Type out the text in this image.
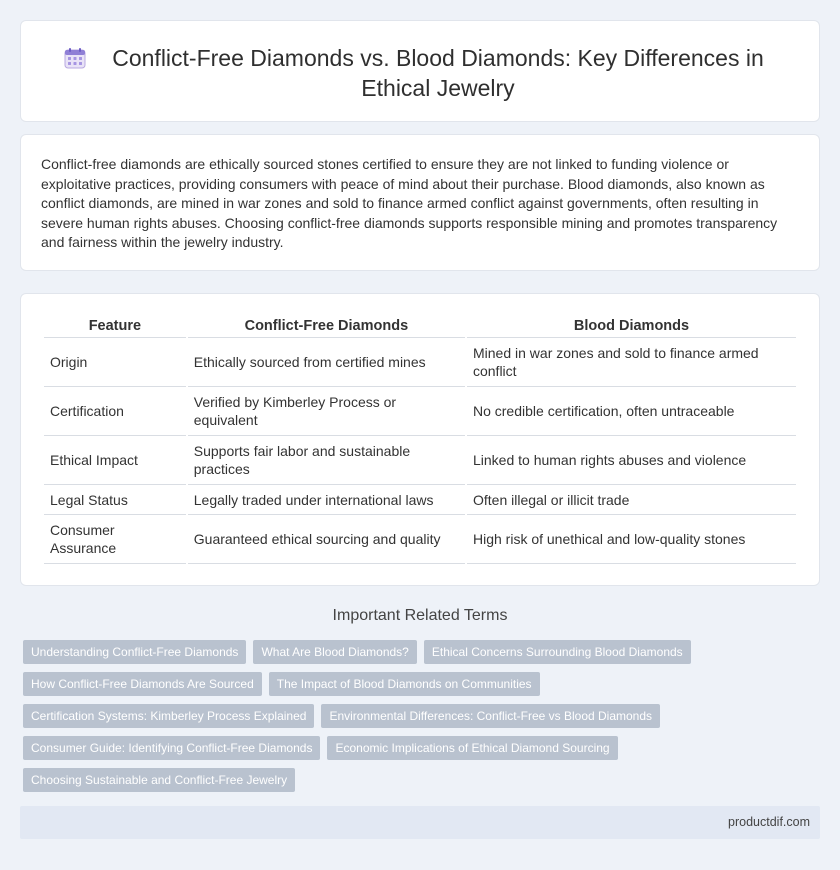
Conflict-Free Diamonds vs. Blood Diamonds: Key Differences in Ethical Jewelry

Conflict-free diamonds are ethically sourced stones certified to ensure they are not linked to funding violence or exploitative practices, providing consumers with peace of mind about their purchase. Blood diamonds, also known as conflict diamonds, are mined in war zones and sold to finance armed conflict against governments, often resulting in severe human rights abuses. Choosing conflict-free diamonds supports responsible mining and promotes transparency and fairness within the jewelry industry.

Feature	Conflict-Free Diamonds	Blood Diamonds
Origin	Ethically sourced from certified mines	Mined in war zones and sold to finance armed conflict
Certification	Verified by Kimberley Process or equivalent	No credible certification, often untraceable
Ethical Impact	Supports fair labor and sustainable practices	Linked to human rights abuses and violence
Legal Status	Legally traded under international laws	Often illegal or illicit trade
Consumer Assurance	Guaranteed ethical sourcing and quality	High risk of unethical and low-quality stones
Important Related Terms
Understanding Conflict-Free Diamonds	What Are Blood Diamonds?	Ethical Concerns Surrounding Blood Diamonds
How Conflict-Free Diamonds Are Sourced	The Impact of Blood Diamonds on Communities
Certification Systems: Kimberley Process Explained	Environmental Differences: Conflict-Free vs Blood Diamonds
Consumer Guide: Identifying Conflict-Free Diamonds	Economic Implications of Ethical Diamond Sourcing
Choosing Sustainable and Conflict-Free Jewelry
productdif.com
